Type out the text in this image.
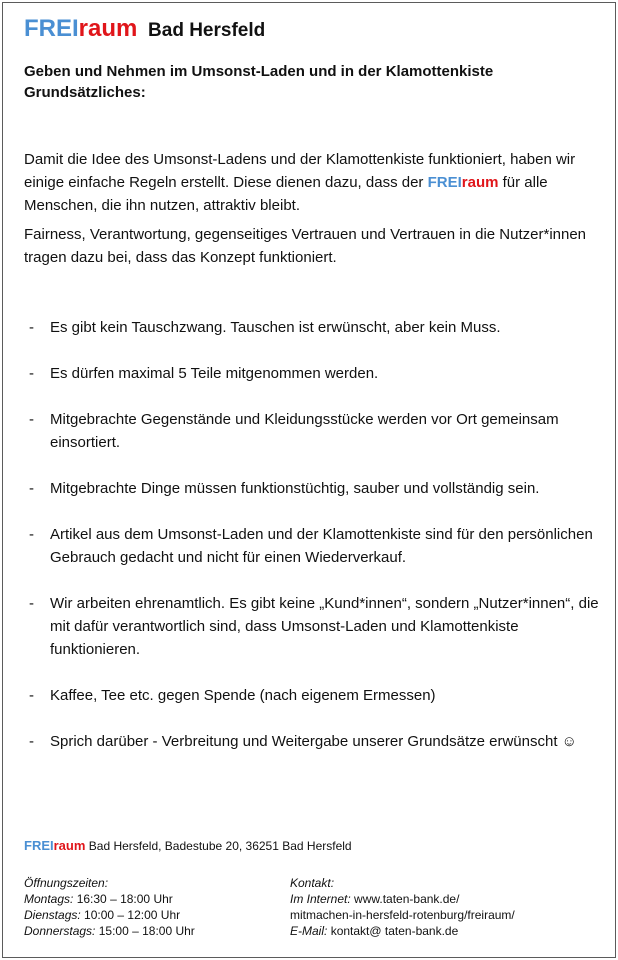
FREIraum Bad Hersfeld
Geben und Nehmen im Umsonst-Laden und in der Klamottenkiste
Grundsätzliches:

Damit die Idee des Umsonst-Ladens und der Klamottenkiste funktioniert, haben wir einige einfache Regeln erstellt. Diese dienen dazu, dass der FREIraum für alle Menschen, die ihn nutzen, attraktiv bleibt.

Fairness, Verantwortung, gegenseitiges Vertrauen und Vertrauen in die Nutzer*innen tragen dazu bei, dass das Konzept funktioniert.

- Es gibt kein Tauschzwang. Tauschen ist erwünscht, aber kein Muss.
- Es dürfen maximal 5 Teile mitgenommen werden.
- Mitgebrachte Gegenstände und Kleidungsstücke werden vor Ort gemeinsam einsortiert.
- Mitgebrachte Dinge müssen funktionstüchtig, sauber und vollständig sein.
- Artikel aus dem Umsonst-Laden und der Klamottenkiste sind für den persönlichen Gebrauch gedacht und nicht für einen Wiederverkauf.
- Wir arbeiten ehrenamtlich. Es gibt keine „Kund*innen“, sondern „Nutzer*innen“, die mit dafür verantwortlich sind, dass Umsonst-Laden und Klamottenkiste funktionieren.
- Kaffee, Tee etc. gegen Spende (nach eigenem Ermessen)
- Sprich darüber - Verbreitung und Weitergabe unserer Grundsätze erwünscht ☺
FREIraum Bad Hersfeld, Badestube 20, 36251 Bad Hersfeld
Öffnungszeiten:
Montags: 16:30 – 18:00 Uhr
Dienstags: 10:00 – 12:00 Uhr
Donnerstags: 15:00 – 18:00 Uhr
Kontakt:
Im Internet: www.taten-bank.de/
mitmachen-in-hersfeld-rotenburg/freiraum/
E-Mail: kontakt@ taten-bank.de
